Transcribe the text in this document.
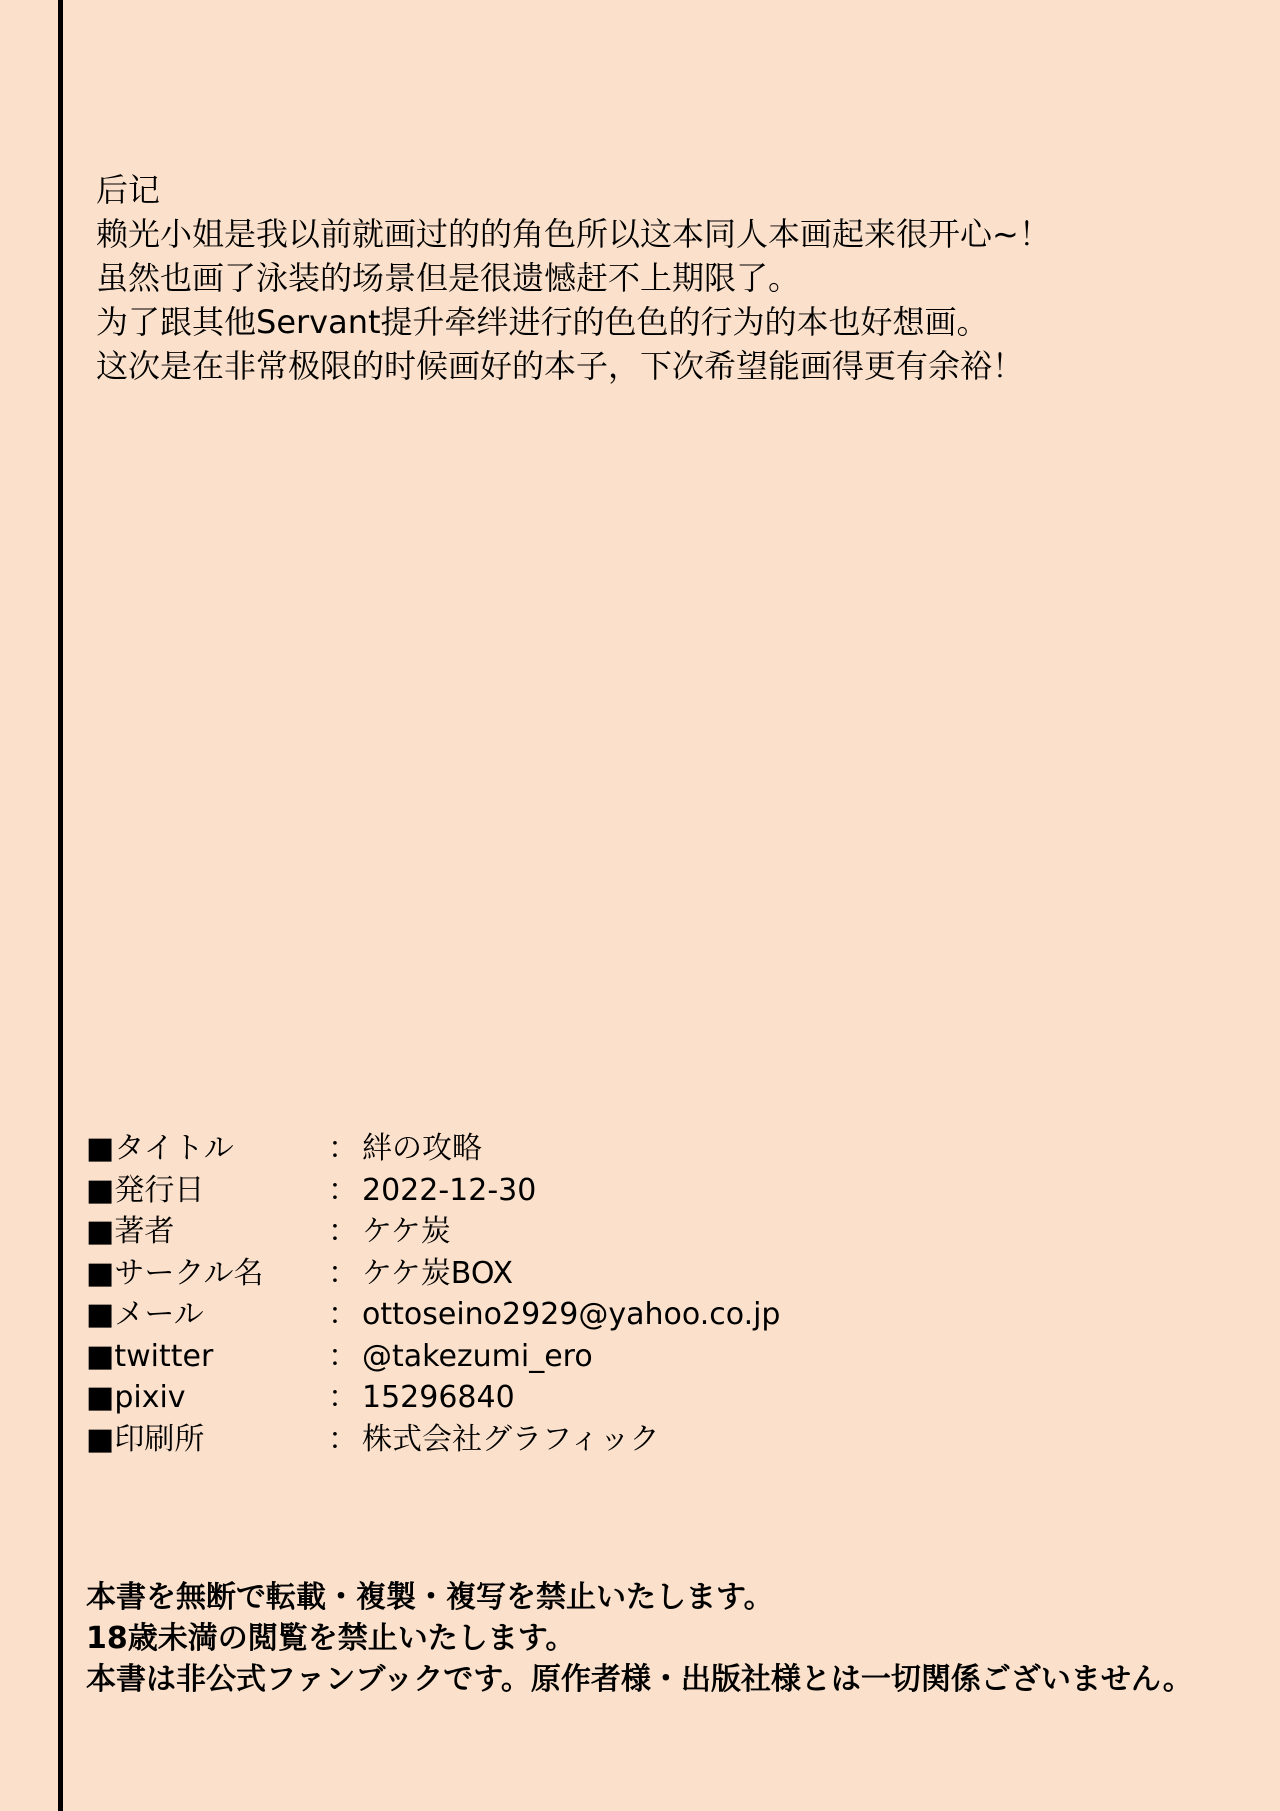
后记
赖光小姐是我以前就画过的的角色所以这本同人本画起来很开心~！
虽然也画了泳装的场景但是很遗憾赶不上期限了。
为了跟其他Servant提升牵绊进行的色色的行为的本也好想画。
这次是在非常极限的时候画好的本子，下次希望能画得更有余裕！
■タイトル	： 絆の攻略
■発行日	： 2022-12-30
■著者	： ケケ炭
■サークル名 ： ケケ炭BOX
■メール	： ottoseino2929@yahoo.co.jp
■twitter	： @takezumi_ero
■pixiv	： 15296840
■印刷所	： 株式会社グラフィック
本書を無断で転載・複製・複写を禁止いたします。
18歳未満の閲覧を禁止いたします。
本書は非公式ファンブックです。原作者様・出版社様とは一切関係ございません。
